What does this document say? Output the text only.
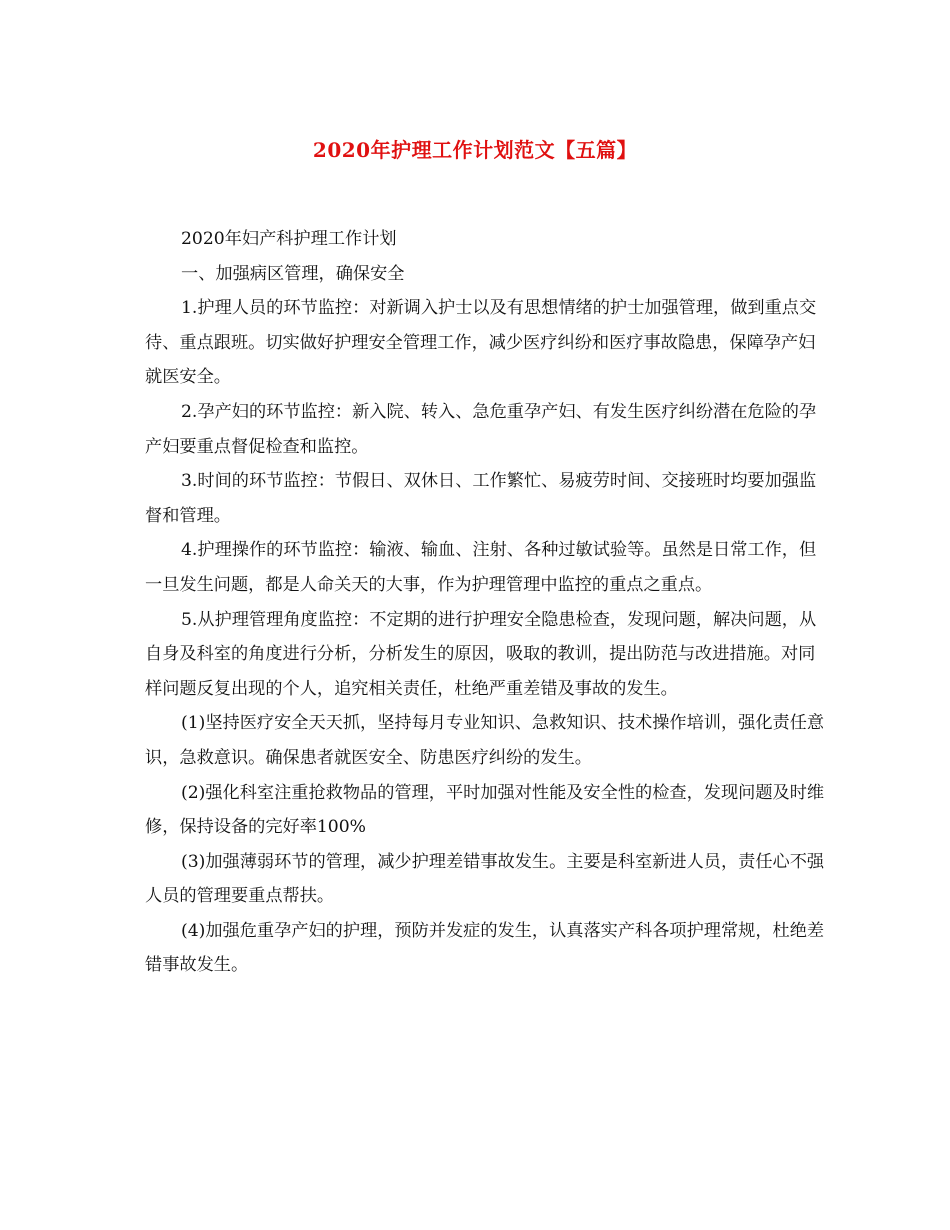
2020年护理工作计划范文【五篇】

2020年妇产科护理工作计划

一、加强病区管理，确保安全

1.护理人员的环节监控：对新调入护士以及有思想情绪的护士加强管理，做到重点交待、重点跟班。切实做好护理安全管理工作，减少医疗纠纷和医疗事故隐患，保障孕产妇就医安全。

2.孕产妇的环节监控：新入院、转入、急危重孕产妇、有发生医疗纠纷潜在危险的孕产妇要重点督促检查和监控。

3.时间的环节监控：节假日、双休日、工作繁忙、易疲劳时间、交接班时均要加强监督和管理。

4.护理操作的环节监控：输液、输血、注射、各种过敏试验等。虽然是日常工作，但一旦发生问题，都是人命关天的大事，作为护理管理中监控的重点之重点。

5.从护理管理角度监控：不定期的进行护理安全隐患检查，发现问题，解决问题，从自身及科室的角度进行分析，分析发生的原因，吸取的教训，提出防范与改进措施。对同样问题反复出现的个人，追究相关责任，杜绝严重差错及事故的发生。

(1)坚持医疗安全天天抓，坚持每月专业知识、急救知识、技术操作培训，强化责任意识，急救意识。确保患者就医安全、防患医疗纠纷的发生。

(2)强化科室注重抢救物品的管理，平时加强对性能及安全性的检查，发现问题及时维修，保持设备的完好率100%

(3)加强薄弱环节的管理，减少护理差错事故发生。主要是科室新进人员，责任心不强人员的管理要重点帮扶。

(4)加强危重孕产妇的护理，预防并发症的发生，认真落实产科各项护理常规，杜绝差错事故发生。
